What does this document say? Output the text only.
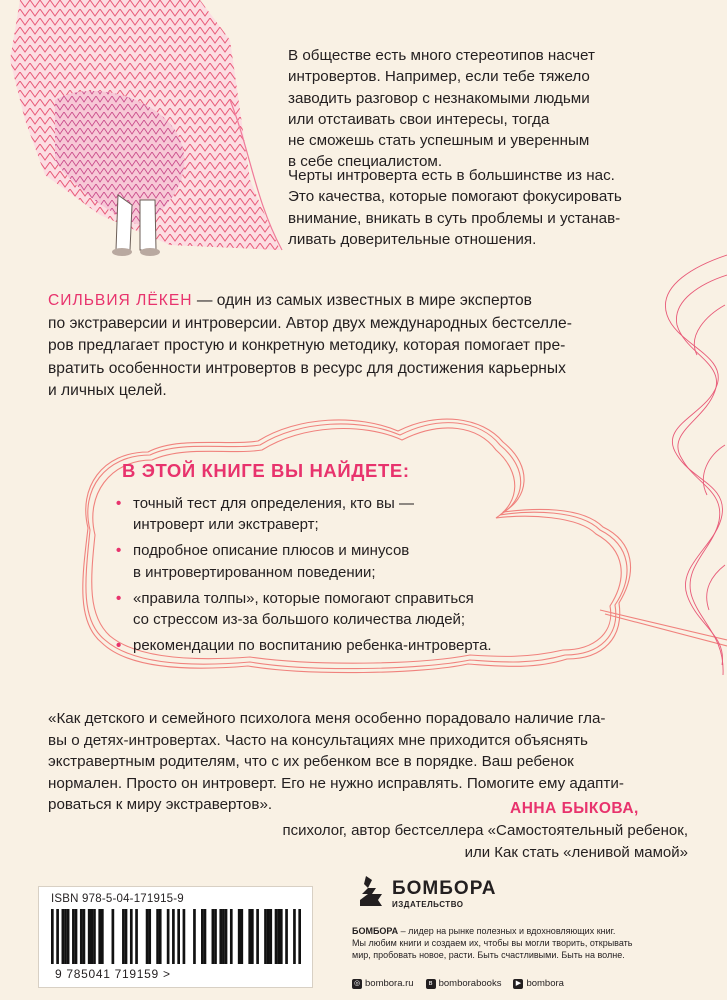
В обществе есть много стереотипов насчет
интровертов. Например, если тебе тяжело
заводить разговор с незнакомыми людьми
или отстаивать свои интересы, тогда
не сможешь стать успешным и уверенным
в себе специалистом.
Черты интроверта есть в большинстве из нас.
Это качества, которые помогают фокусировать
внимание, вникать в суть проблемы и устанав-
ливать доверительные отношения.
СИЛЬВИЯ ЛЁКЕН — один из самых известных в мире экспертов
по экстраверсии и интроверсии. Автор двух международных бестселле-
ров предлагает простую и конкретную методику, которая помогает пре-
вратить особенности интровертов в ресурс для достижения карьерных
и личных целей.
В ЭТОЙ КНИГЕ ВЫ НАЙДЕТЕ:
• точный тест для определения, кто вы —
интроверт или экстраверт;
• подробное описание плюсов и минусов
в интровертированном поведении;
• «правила толпы», которые помогают справиться
со стрессом из-за большого количества людей;
• рекомендации по воспитанию ребенка-интроверта.
«Как детского и семейного психолога меня особенно порадовало наличие гла-
вы о детях-интровертах. Часто на консультациях мне приходится объяснять
экстравертным родителям, что с их ребенком все в порядке. Ваш ребенок
нормален. Просто он интроверт. Его не нужно исправлять. Помогите ему адапти-
роваться к миру экстравертов».	АННА БЫКОВА,
психолог, автор бестселлера «Самостоятельный ребенок,
или Как стать «ленивой мамой»
ISBN 978-5-04-171915-9
9 785041 719159 >
БОМБОРА
ИЗДАТЕЛЬСТВО
БОМБОРА – лидер на рынке полезных и вдохновляющих книг.
Мы любим книги и создаем их, чтобы вы могли творить, открывать
мир, пробовать новое, расти. Быть счастливыми. Быть на волне.
◎ bombora.ru	в bomborabooks	▶ bombora
